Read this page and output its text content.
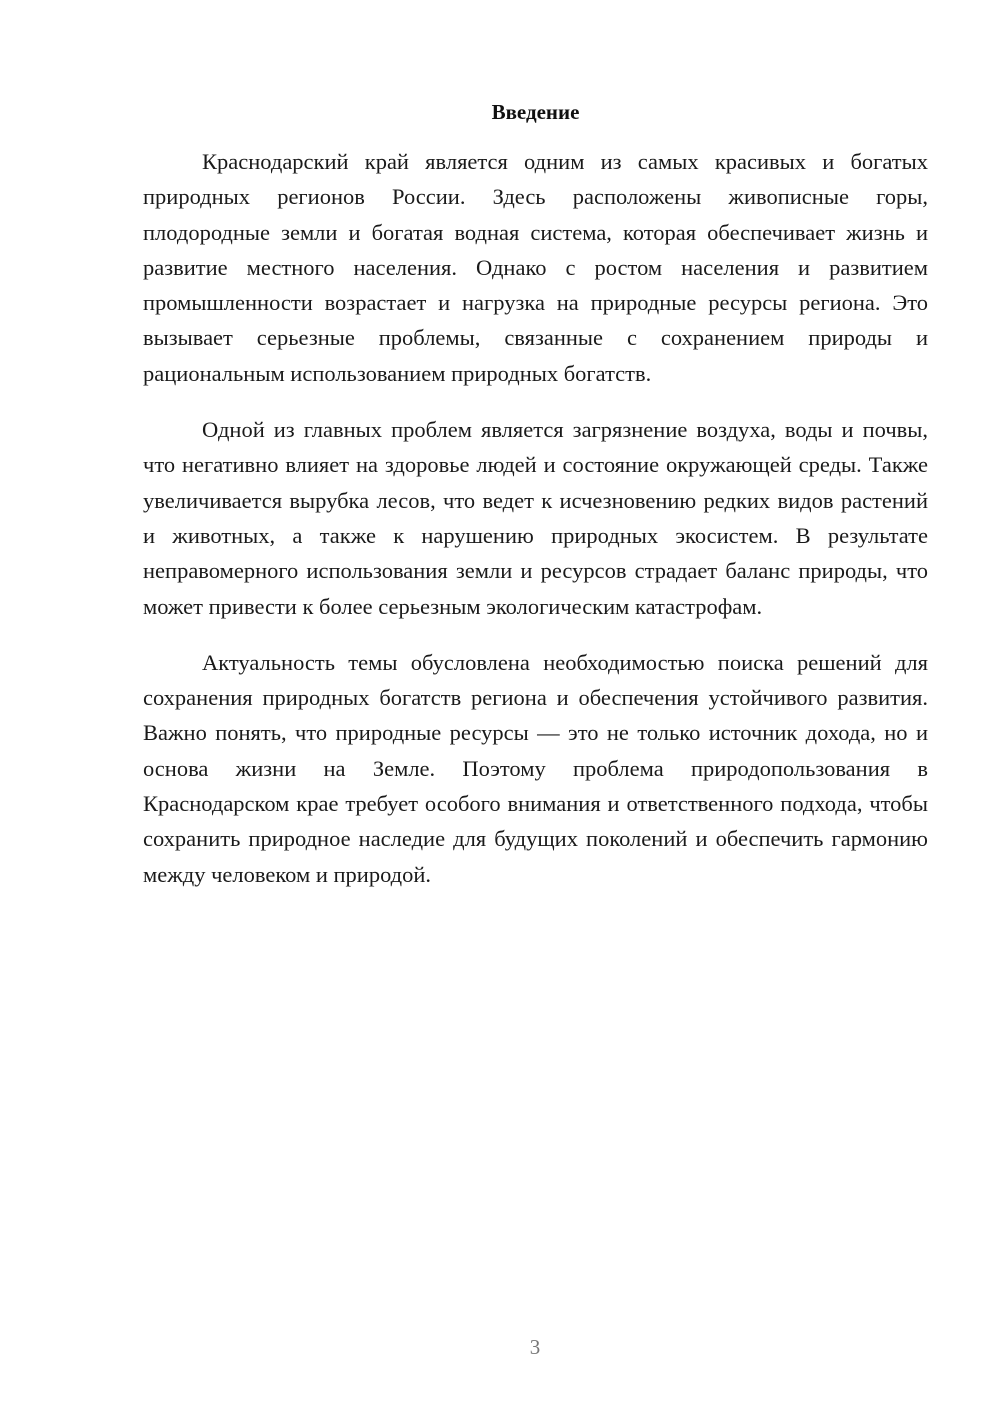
Введение

Краснодарский край является одним из самых красивых и богатых природных регионов России. Здесь расположены живописные горы, плодородные земли и богатая водная система, которая обеспечивает жизнь и развитие местного населения. Однако с ростом населения и развитием промышленности возрастает и нагрузка на природные ресурсы региона. Это вызывает серьезные проблемы, связанные с сохранением природы и рациональным использованием природных богатств.

Одной из главных проблем является загрязнение воздуха, воды и почвы, что негативно влияет на здоровье людей и состояние окружающей среды. Также увеличивается вырубка лесов, что ведет к исчезновению редких видов растений и животных, а также к нарушению природных экосистем. В результате неправомерного использования земли и ресурсов страдает баланс природы, что может привести к более серьезным экологическим катастрофам.

Актуальность темы обусловлена необходимостью поиска решений для сохранения природных богатств региона и обеспечения устойчивого развития. Важно понять, что природные ресурсы — это не только источник дохода, но и основа жизни на Земле. Поэтому проблема природопользования в Краснодарском крае требует особого внимания и ответственного подхода, чтобы сохранить природное наследие для будущих поколений и обеспечить гармонию между человеком и природой.

3
